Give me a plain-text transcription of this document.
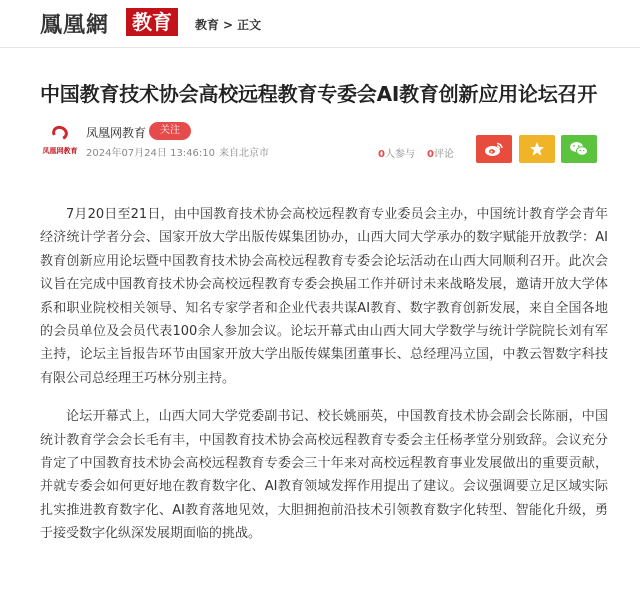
鳳凰網	教育	教育 > 正文
中国教育技术协会高校远程教育专委会AI教育创新应用论坛召开
凤凰网教育
凤凰网教育	关注
2024年07月24日 13:46:10 来自北京市	0人参与 0评论

7月20日至21日，由中国教育技术协会高校远程教育专业委员会主办，中国统计教育学会青年经济统计学者分会、国家开放大学出版传媒集团协办，山西大同大学承办的数字赋能开放教学：AI教育创新应用论坛暨中国教育技术协会高校远程教育专委会论坛活动在山西大同顺利召开。此次会议旨在完成中国教育技术协会高校远程教育专委会换届工作并研讨未来战略发展，邀请开放大学体系和职业院校相关领导、知名专家学者和企业代表共谋AI教育、数字教育创新发展，来自全国各地的会员单位及会员代表100余人参加会议。论坛开幕式由山西大同大学数学与统计学院院长刘有军主持，论坛主旨报告环节由国家开放大学出版传媒集团董事长、总经理冯立国，中教云智数字科技有限公司总经理王巧林分别主持。

论坛开幕式上，山西大同大学党委副书记、校长姚丽英，中国教育技术协会副会长陈丽，中国统计教育学会会长毛有丰，中国教育技术协会高校远程教育专委会主任杨孝堂分别致辞。会议充分肯定了中国教育技术协会高校远程教育专委会三十年来对高校远程教育事业发展做出的重要贡献，并就专委会如何更好地在教育数字化、AI教育领域发挥作用提出了建议。会议强调要立足区域实际扎实推进教育数字化、AI教育落地见效，大胆拥抱前沿技术引领教育数字化转型、智能化升级，勇于接受数字化纵深发展期面临的挑战。
